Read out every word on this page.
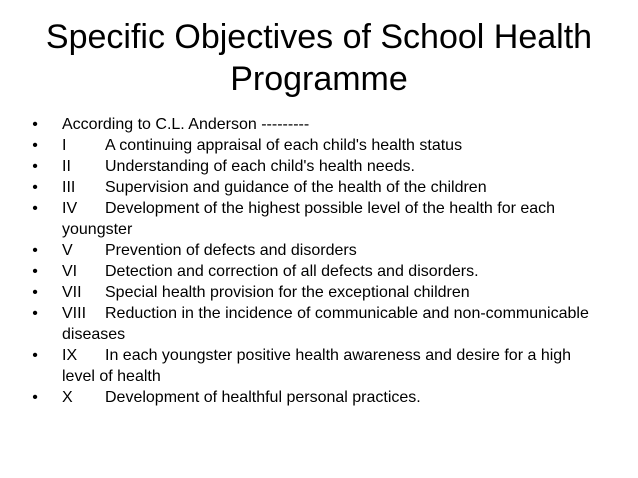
Specific Objectives of School Health
Programme
• According to C.L. Anderson ---------
• I A continuing appraisal of each child's health status
• II Understanding of each child's health needs.
• III Supervision and guidance of the health of the children
• IV Development of the highest possible level of the health for each youngster
• V Prevention of defects and disorders
• VI Detection and correction of all defects and disorders.
• VII Special health provision for the exceptional children
• VIII Reduction in the incidence of communicable and non-communicable diseases
• IX In each youngster positive health awareness and desire for a high level of health
• X Development of healthful personal practices.
